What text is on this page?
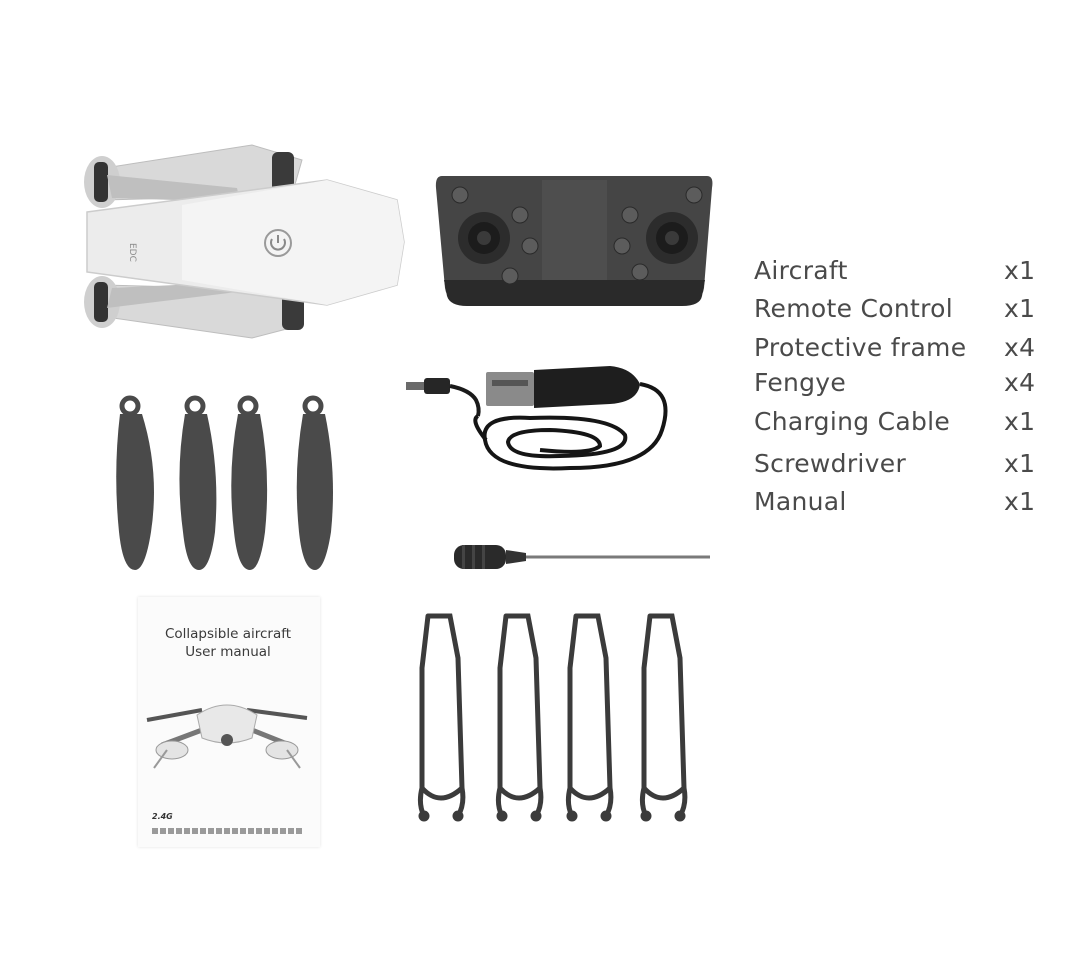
EDC
Collapsible aircraft
User manual
2.4G
Aircraft	x1
Remote Control x1
Protective frame x4
Fengye	x4
Charging Cable x1
Screwdriver	x1
Manual	x1
